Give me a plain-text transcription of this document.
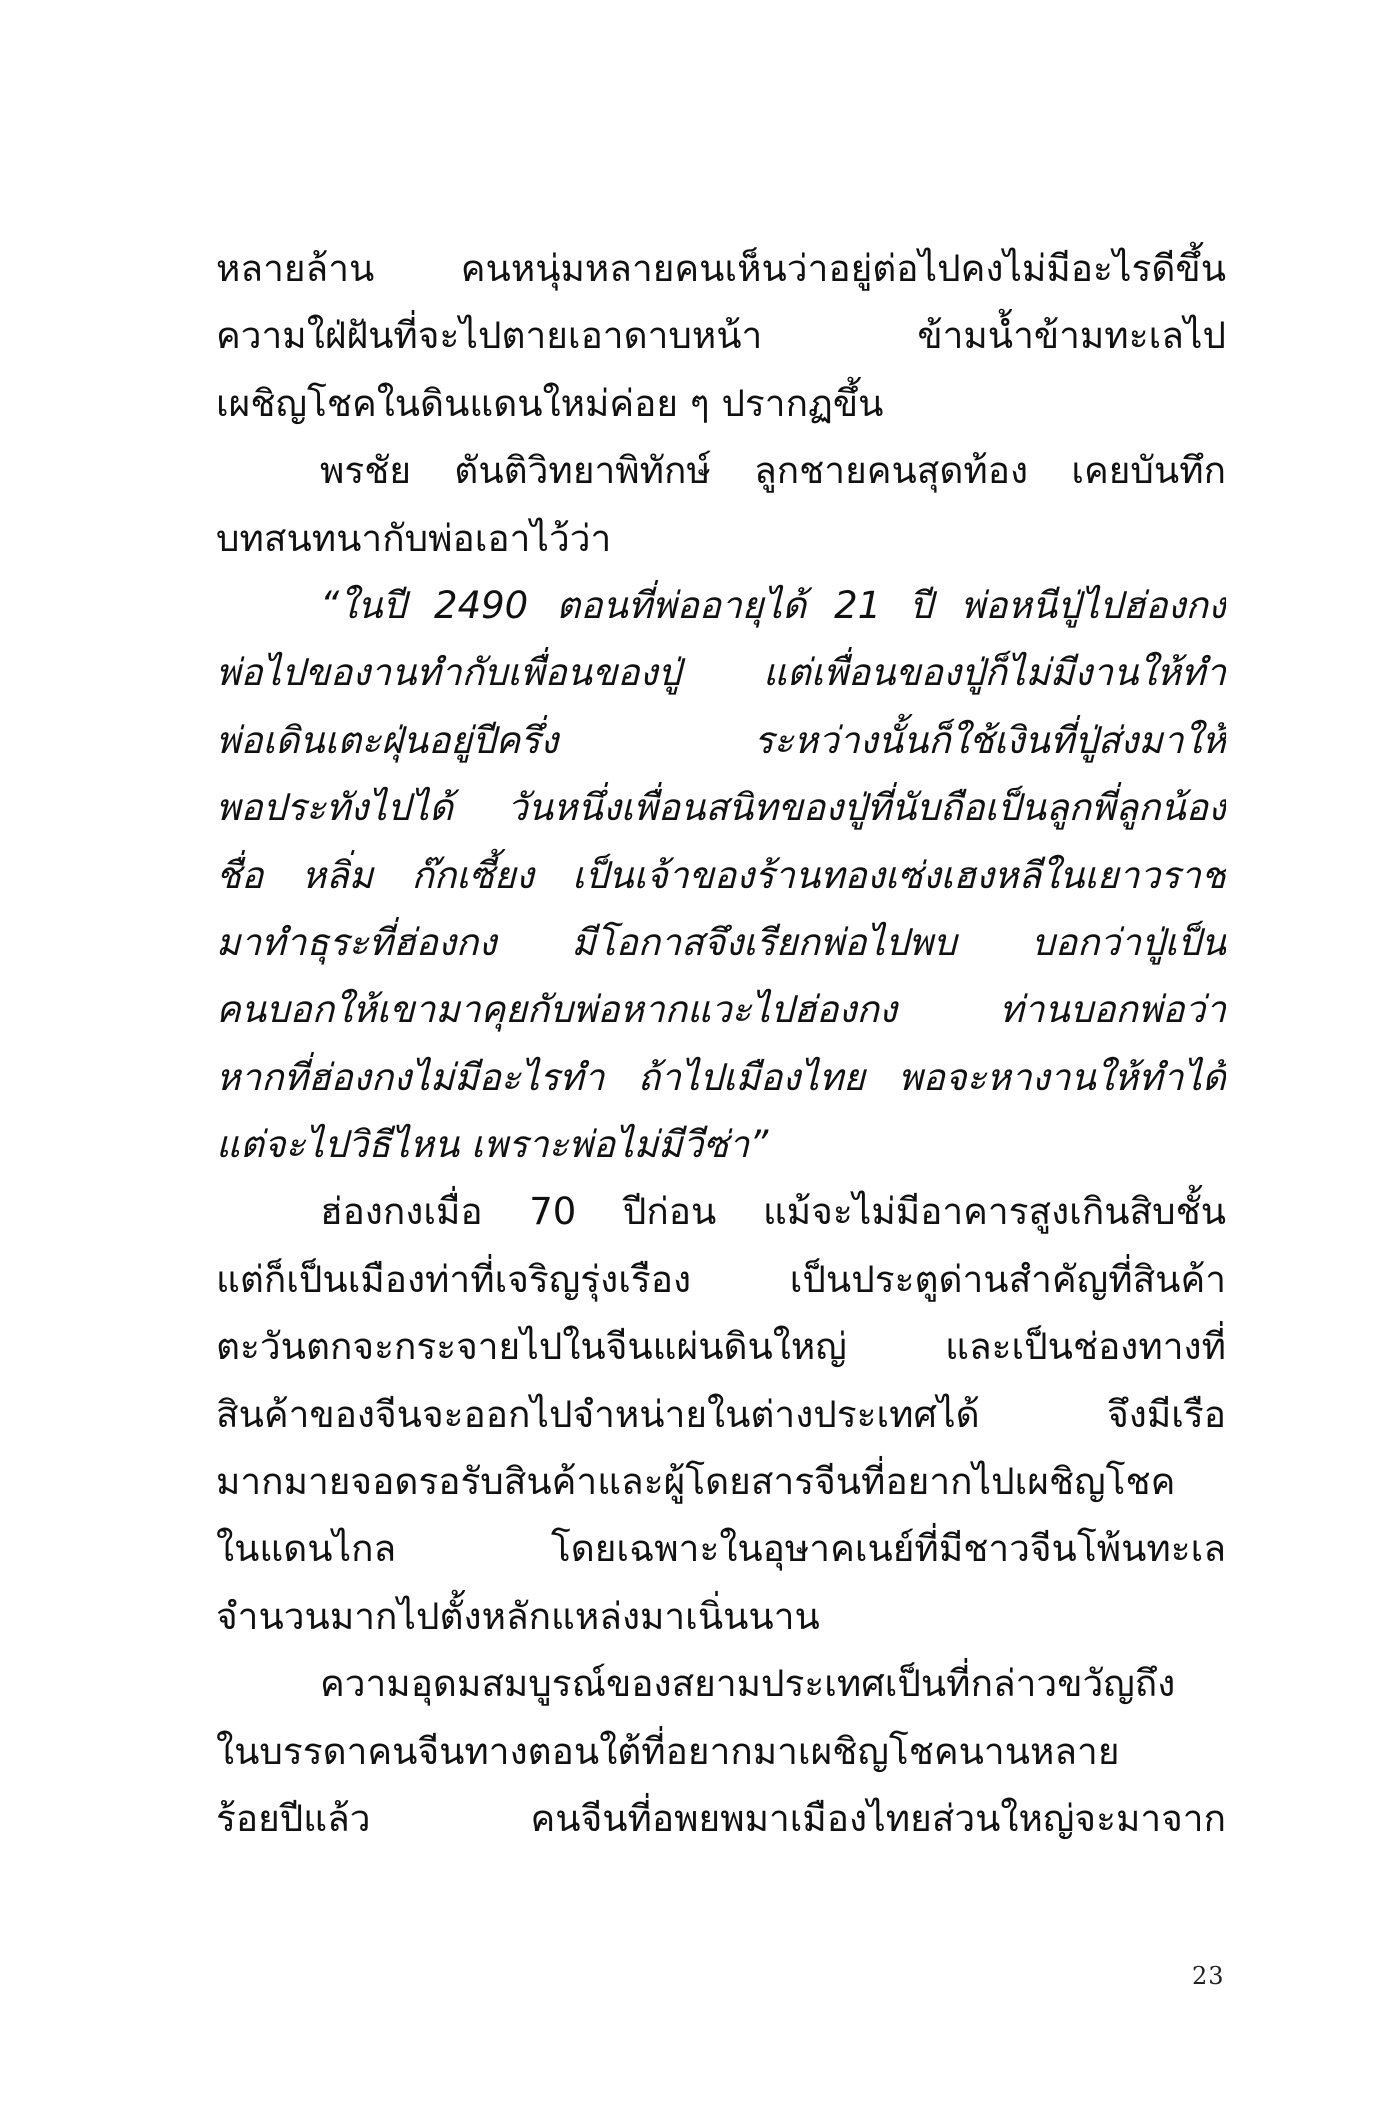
หลายล้าน คนหนุ่มหลายคนเห็นว่าอยู่ต่อไปคงไม่มีอะไรดีขึ้น
ความใฝ่ฝันที่จะไปตายเอาดาบหน้า ข้ามน้ำข้ามทะเลไป
เผชิญโชคในดินแดนใหม่ค่อย ๆ ปรากฏขึ้น
พรชัย ตันติวิทยาพิทักษ์ ลูกชายคนสุดท้อง เคยบันทึก
บทสนทนากับพ่อเอาไว้ว่า
“ในปี 2490 ตอนที่พ่ออายุได้ 21 ปี พ่อหนีปู่ไปฮ่องกง
พ่อไปของานทำกับเพื่อนของปู่ แต่เพื่อนของปู่ก็ไม่มีงานให้ทำ
พ่อเดินเตะฝุ่นอยู่ปีครึ่ง ระหว่างนั้นก็ใช้เงินที่ปู่ส่งมาให้
พอประทังไปได้ วันหนึ่งเพื่อนสนิทของปู่ที่นับถือเป็นลูกพี่ลูกน้อง
ชื่อ หลิ่ม ก๊กเซี้ยง เป็นเจ้าของร้านทองเซ่งเฮงหลีในเยาวราช
มาทำธุระที่ฮ่องกง มีโอกาสจึงเรียกพ่อไปพบ บอกว่าปู่เป็น
คนบอกให้เขามาคุยกับพ่อหากแวะไปฮ่องกง ท่านบอกพ่อว่า
หากที่ฮ่องกงไม่มีอะไรทำ ถ้าไปเมืองไทย พอจะหางานให้ทำได้
แต่จะไปวิธีไหน เพราะพ่อไม่มีวีซ่า”
ฮ่องกงเมื่อ 70 ปีก่อน แม้จะไม่มีอาคารสูงเกินสิบชั้น
แต่ก็เป็นเมืองท่าที่เจริญรุ่งเรือง เป็นประตูด่านสำคัญที่สินค้า
ตะวันตกจะกระจายไปในจีนแผ่นดินใหญ่ และเป็นช่องทางที่
สินค้าของจีนจะออกไปจำหน่ายในต่างประเทศได้ จึงมีเรือ
มากมายจอดรอรับสินค้าและผู้โดยสารจีนที่อยากไปเผชิญโชค
ในแดนไกล โดยเฉพาะในอุษาคเนย์ที่มีชาวจีนโพ้นทะเล
จำนวนมากไปตั้งหลักแหล่งมาเนิ่นนาน
ความอุดมสมบูรณ์ของสยามประเทศเป็นที่กล่าวขวัญถึง
ในบรรดาคนจีนทางตอนใต้ที่อยากมาเผชิญโชคนานหลาย
ร้อยปีแล้ว คนจีนที่อพยพมาเมืองไทยส่วนใหญ่จะมาจาก
23
